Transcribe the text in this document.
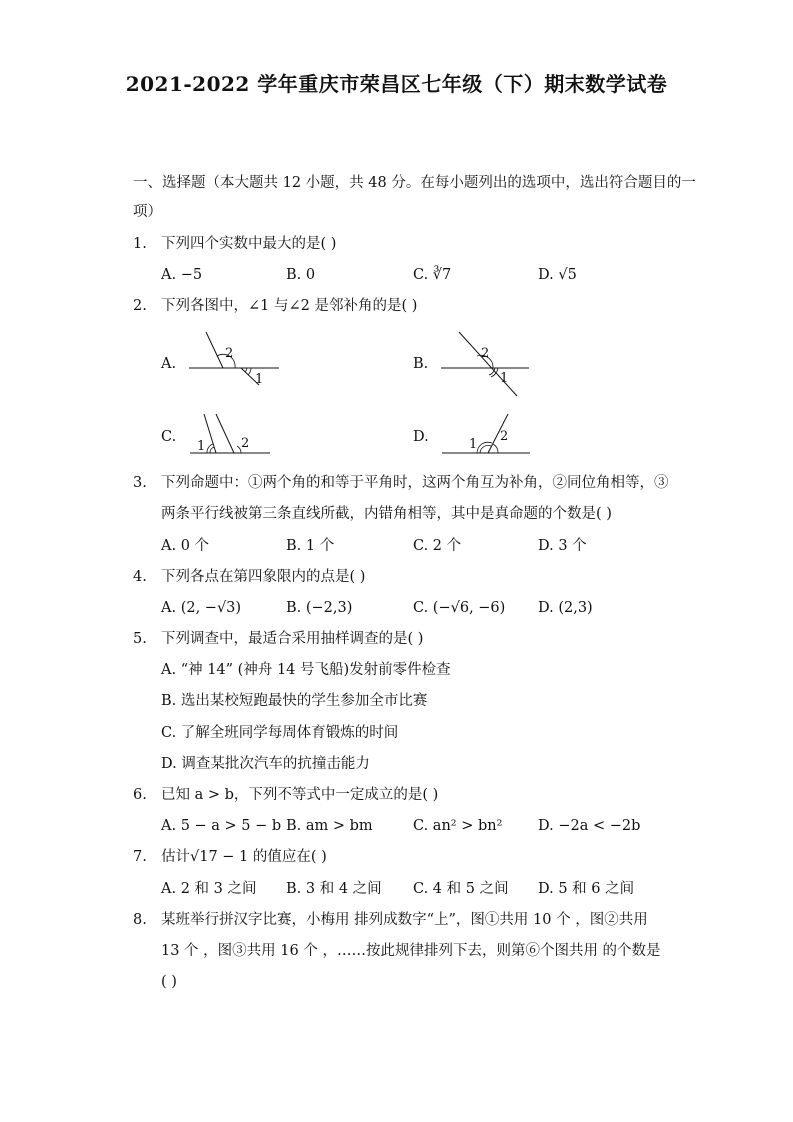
2021-2022 学年重庆市荣昌区七年级（下）期末数学试卷
一、选择题（本大题共 12 小题，共 48 分。在每小题列出的选项中，选出符合题目的一
项）
1. 下列四个实数中最大的是( )
A. −5	B. 0	C. ∛7	D. √5
2. 下列各图中，∠1 与∠2 是邻补角的是( )
A.
2
1
B.
2
1
C.
1	2	D.	1
2
3. 下列命题中：①两个角的和等于平角时，这两个角互为补角，②同位角相等，③
两条平行线被第三条直线所截，内错角相等，其中是真命题的个数是( )
A. 0 个	B. 1 个	C. 2 个	D. 3 个
4. 下列各点在第四象限内的点是( )
A. (2, −√3)	B. (−2,3)	C. (−√6, −6) D. (2,3)
5. 下列调查中，最适合采用抽样调查的是( )
A. “神 14” (神舟 14 号飞船)发射前零件检查
B. 选出某校短跑最快的学生参加全市比赛
C. 了解全班同学每周体育锻炼的时间
D. 调查某批次汽车的抗撞击能力
6. 已知 a > b，下列不等式中一定成立的是( )
A. 5 − a > 5 − b B. am > bm	C. an² > bn² D. −2a < −2b
7. 估计√17 − 1 的值应在( )
A. 2 和 3 之间 B. 3 和 4 之间 C. 4 和 5 之间 D. 5 和 6 之间
8. 某班举行拼汉字比赛，小梅用 排列成数字“上”，图①共用 10 个 ，图②共用
13 个 ，图③共用 16 个 ，……按此规律排列下去，则第⑥个图共用 的个数是
( )
